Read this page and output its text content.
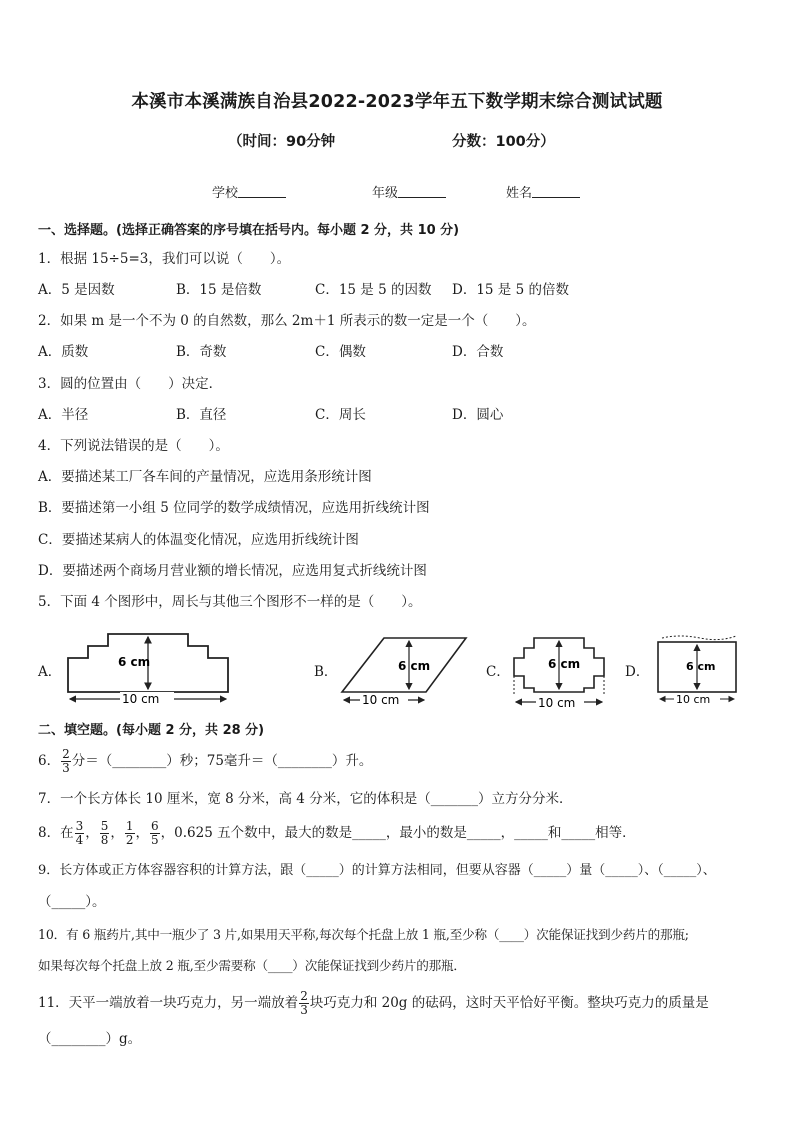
本溪市本溪满族自治县2022-2023学年五下数学期末综合测试试题
（时间：90分钟	分数：100分）
学校	年级	姓名
一、选择题。(选择正确答案的序号填在括号内。每小题 2 分，共 10 分)
1．根据 15÷5=3，我们可以说（　　）。
A．5 是因数	B．15 是倍数	C．15 是 5 的因数 D．15 是 5 的倍数
2．如果 m 是一个不为 0 的自然数，那么 2m＋1 所表示的数一定是一个（　　）。
A．质数	B．奇数	C．偶数	D．合数
3．圆的位置由（　　）决定．
A．半径	B．直径	C．周长	D．圆心
4．下列说法错误的是（　　）。
A．要描述某工厂各车间的产量情况，应选用条形统计图
B．要描述第一小组 5 位同学的数学成绩情况，应选用折线统计图
C．要描述某病人的体温变化情况，应选用折线统计图
D．要描述两个商场月营业额的增长情况，应选用复式折线统计图
5．下面 4 个图形中，周长与其他三个图形不一样的是（　　）。
A．	B．	C．	D．
6 cm
10 cm
6 cm
10 cm
6 cm
10 cm
6 cm
10 cm
二、填空题。(每小题 2 分，共 28 分)
6． $\frac{2}{3}$ 分＝（________）秒；75毫升＝（________）升。
7．一个长方体长 10 厘米，宽 8 分米，高 4 分米，它的体积是（_______）立方分分米．
8．在 $\frac{3}{4}$ ， $\frac{5}{8}$ ， $\frac{1}{2}$ ， $\frac{6}{5}$ ，0.625 五个数中，最大的数是_____，最小的数是_____，_____和_____相等．
9．长方体或正方体容器容积的计算方法，跟（_____）的计算方法相同，但要从容器（_____）量（_____）、（_____）、
（_____）。
10．有 6 瓶药片,其中一瓶少了 3 片,如果用天平称,每次每个托盘上放 1 瓶,至少称（____）次能保证找到少药片的那瓶;
如果每次每个托盘上放 2 瓶,至少需要称（____）次能保证找到少药片的那瓶．
11．天平一端放着一块巧克力，另一端放着 $\frac{2}{3}$ 块巧克力和 20g 的砝码，这时天平恰好平衡。整块巧克力的质量是
（________）g。
